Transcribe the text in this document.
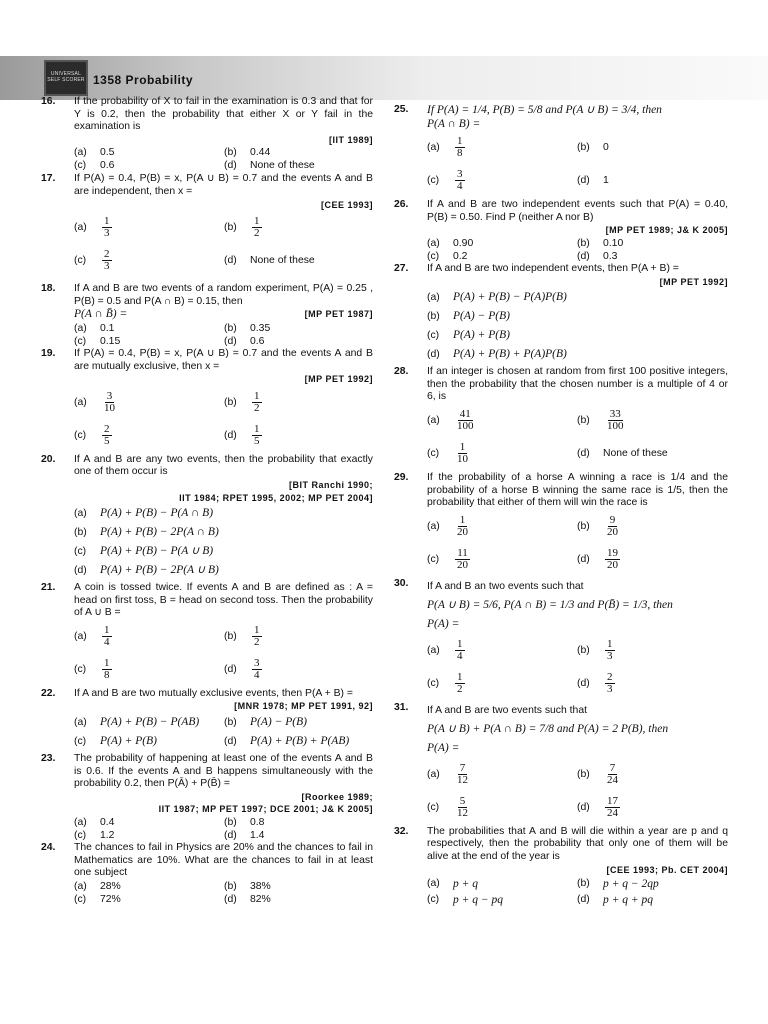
UNIVERSAL
SELF SCORER 1358 Probability
16. If the probability of X to fail in the examination is 0.3 and that for Y is 0.2, then the probability that either X or Y fail in the examination is
[IIT 1989]
(a)	0.5	(b)	0.44
(c)	0.6	(d)	None of these
17. If P(A) = 0.4, P(B) = x, P(A ∪ B) = 0.7 and the events A and B are independent, then x =
[CEE 1993]
(a)	$\frac{1}{3}$	(b)	$\frac{1}{2}$
(c)	$\frac{2}{3}$	(d)	None of these
18. If A and B are two events of a random experiment, P(A) = 0.25 , P(B) = 0.5 and P(A ∩ B) = 0.15, then
P(A ∩ B̄) =	[MP PET 1987]
(a)	0.1	(b)	0.35
(c)	0.15	(d)	0.6
19. If P(A) = 0.4, P(B) = x, P(A ∪ B) = 0.7 and the events A and B are mutually exclusive, then x =
[MP PET 1992]
(a)	$\frac{3}{10}$	(b)	$\frac{1}{2}$
(c)	$\frac{2}{5}$	(d)	$\frac{1}{5}$
20. If A and B are any two events, then the probability that exactly one of them occur is
[BIT Ranchi 1990;
IIT 1984; RPET 1995, 2002; MP PET 2004]
(a)	P(A) + P(B) − P(A ∩ B)
(b)	P(A) + P(B) − 2P(A ∩ B)
(c)	P(A) + P(B) − P(A ∪ B)
(d)	P(A) + P(B) − 2P(A ∪ B)
21. A coin is tossed twice. If events A and B are defined as : A = head on first toss, B = head on second toss. Then the probability of A ∪ B =
(a)	$\frac{1}{4}$	(b)	$\frac{1}{2}$
(c)	$\frac{1}{8}$	(d)	$\frac{3}{4}$
22. If A and B are two mutually exclusive events, then P(A + B) =
[MNR 1978; MP PET 1991, 92]
(a)	P(A) + P(B) − P(AB) (b)	P(A) − P(B)
(c)	P(A) + P(B)	(d)	P(A) + P(B) + P(AB)
23. The probability of happening at least one of the events A and B is 0.6. If the events A and B happens simultaneously with the probability 0.2, then P(Ā) + P(B̄) =
[Roorkee 1989;
IIT 1987; MP PET 1997; DCE 2001; J& K 2005]
(a)	0.4	(b)	0.8
(c)	1.2	(d)	1.4
24. The chances to fail in Physics are 20% and the chances to fail in Mathematics are 10%. What are the chances to fail in at least one subject
(a)	28%	(b)	38%
(c)	72%	(d)	82%
25. If P(A) = 1/4, P(B) = 5/8 and P(A ∪ B) = 3/4, then
P(A ∩ B) =
(a)	$\frac{1}{8}$	(b)	0
(c)	$\frac{3}{4}$	(d)	1
26. If A and B are two independent events such that P(A) = 0.40, P(B) = 0.50. Find P (neither A nor B)
[MP PET 1989; J& K 2005]
(a)	0.90	(b)	0.10
(c)	0.2	(d)	0.3
27. If A and B are two independent events, then P(A + B) =
[MP PET 1992]
(a)	P(A) + P(B) − P(A)P(B)
(b)	P(A) − P(B)
(c)	P(A) + P(B)
(d)	P(A) + P(B) + P(A)P(B)
28. If an integer is chosen at random from first 100 positive integers, then the probability that the chosen number is a multiple of 4 or 6, is
(a)	$\frac{41}{100}$	(b)	$\frac{33}{100}$
(c)	$\frac{1}{10}$	(d)	None of these
29. If the probability of a horse A winning a race is 1/4 and the probability of a horse B winning the same race is 1/5, then the probability that either of them will win the race is
(a)	$\frac{1}{20}$	(b)	$\frac{9}{20}$
(c)	$\frac{11}{20}$	(d)	$\frac{19}{20}$
30. If A and B an two events such that
P(A ∪ B) = 5/6, P(A ∩ B) = 1/3 and P(B̄) = 1/3, then
P(A) =
(a)	$\frac{1}{4}$	(b)	$\frac{1}{3}$
(c)	$\frac{1}{2}$	(d)	$\frac{2}{3}$
31. If A and B are two events such that
P(A ∪ B) + P(A ∩ B) = 7/8 and P(A) = 2 P(B), then
P(A) =
(a)	$\frac{7}{12}$	(b)	$\frac{7}{24}$
(c)	$\frac{5}{12}$	(d)	$\frac{17}{24}$
32. The probabilities that A and B will die within a year are p and q respectively, then the probability that only one of them will be alive at the end of the year is
[CEE 1993; Pb. CET 2004]
(a)	p + q	(b)	p + q − 2qp
(c)	p + q − pq	(d)	p + q + pq
